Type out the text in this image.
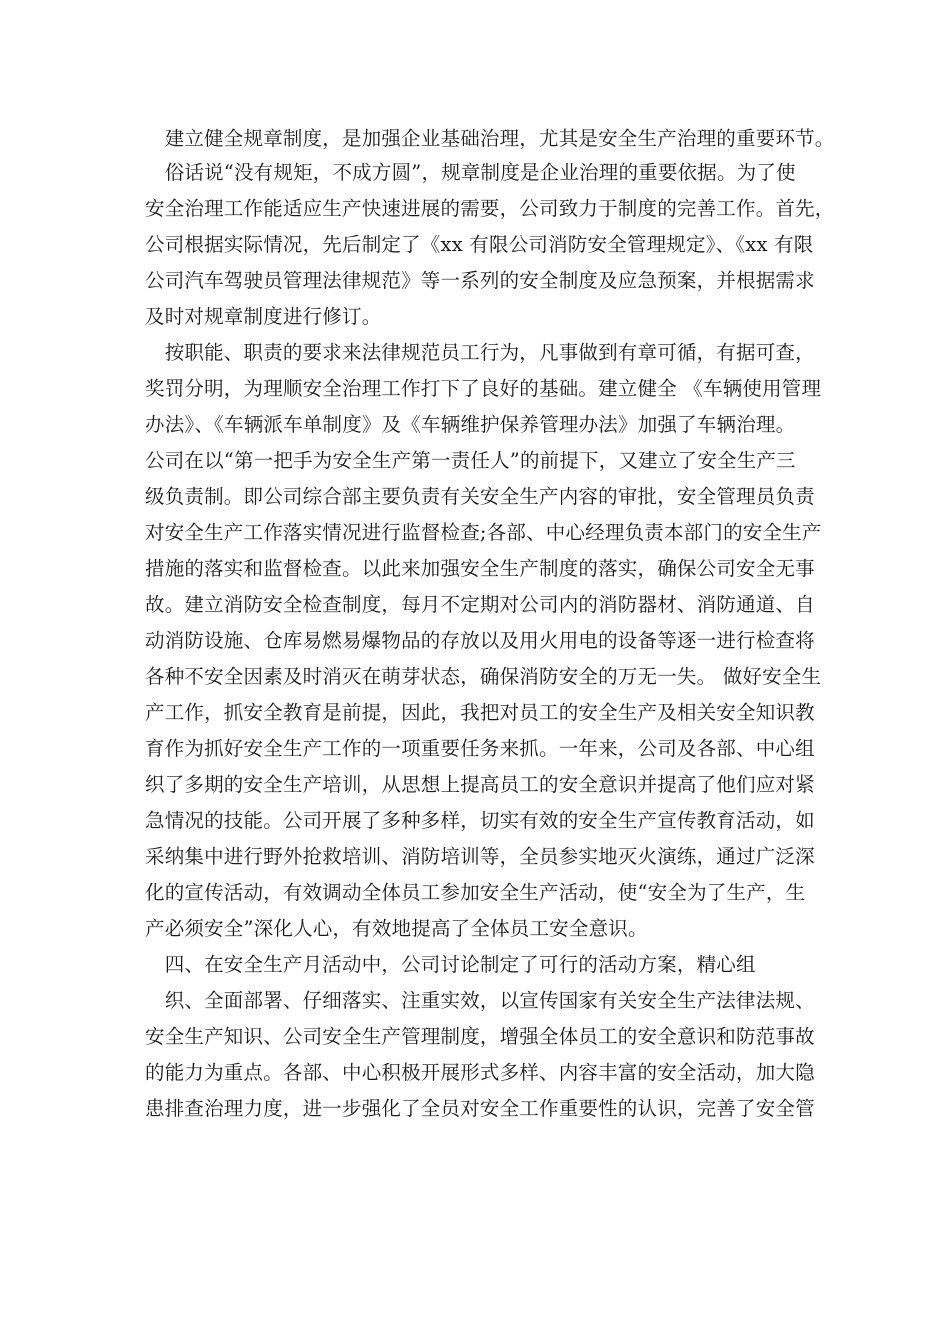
　建立健全规章制度，是加强企业基础治理，尤其是安全生产治理的重要环节。
　俗话说“没有规矩，不成方圆”，规章制度是企业治理的重要依据。为了使
安全治理工作能适应生产快速进展的需要，公司致力于制度的完善工作。首先，
公司根据实际情况，先后制定了《xx 有限公司消防安全管理规定》、《xx 有限
公司汽车驾驶员管理法律规范》等一系列的安全制度及应急预案，并根据需求
及时对规章制度进行修订。
　按职能、职责的要求来法律规范员工行为，凡事做到有章可循，有据可查，
奖罚分明，为理顺安全治理工作打下了良好的基础。建立健全 《车辆使用管理
办法》、《车辆派车单制度》及《车辆维护保养管理办法》加强了车辆治理。
公司在以“第一把手为安全生产第一责任人”的前提下，又建立了安全生产三
级负责制。即公司综合部主要负责有关安全生产内容的审批，安全管理员负责
对安全生产工作落实情况进行监督检查;各部、中心经理负责本部门的安全生产
措施的落实和监督检查。以此来加强安全生产制度的落实，确保公司安全无事
故。建立消防安全检查制度，每月不定期对公司内的消防器材、消防通道、自
动消防设施、仓库易燃易爆物品的存放以及用火用电的设备等逐一进行检查将
各种不安全因素及时消灭在萌芽状态，确保消防安全的万无一失。 做好安全生
产工作，抓安全教育是前提，因此，我把对员工的安全生产及相关安全知识教
育作为抓好安全生产工作的一项重要任务来抓。一年来，公司及各部、中心组
织了多期的安全生产培训，从思想上提高员工的安全意识并提高了他们应对紧
急情况的技能。公司开展了多种多样，切实有效的安全生产宣传教育活动，如
采纳集中进行野外抢救培训、消防培训等，全员参实地灭火演练，通过广泛深
化的宣传活动，有效调动全体员工参加安全生产活动，使“安全为了生产，生
产必须安全”深化人心，有效地提高了全体员工安全意识。
　四、在安全生产月活动中，公司讨论制定了可行的活动方案，精心组
　织、全面部署、仔细落实、注重实效，以宣传国家有关安全生产法律法规、
安全生产知识、公司安全生产管理制度，增强全体员工的安全意识和防范事故
的能力为重点。各部、中心积极开展形式多样、内容丰富的安全活动，加大隐
患排查治理力度，进一步强化了全员对安全工作重要性的认识，完善了安全管
